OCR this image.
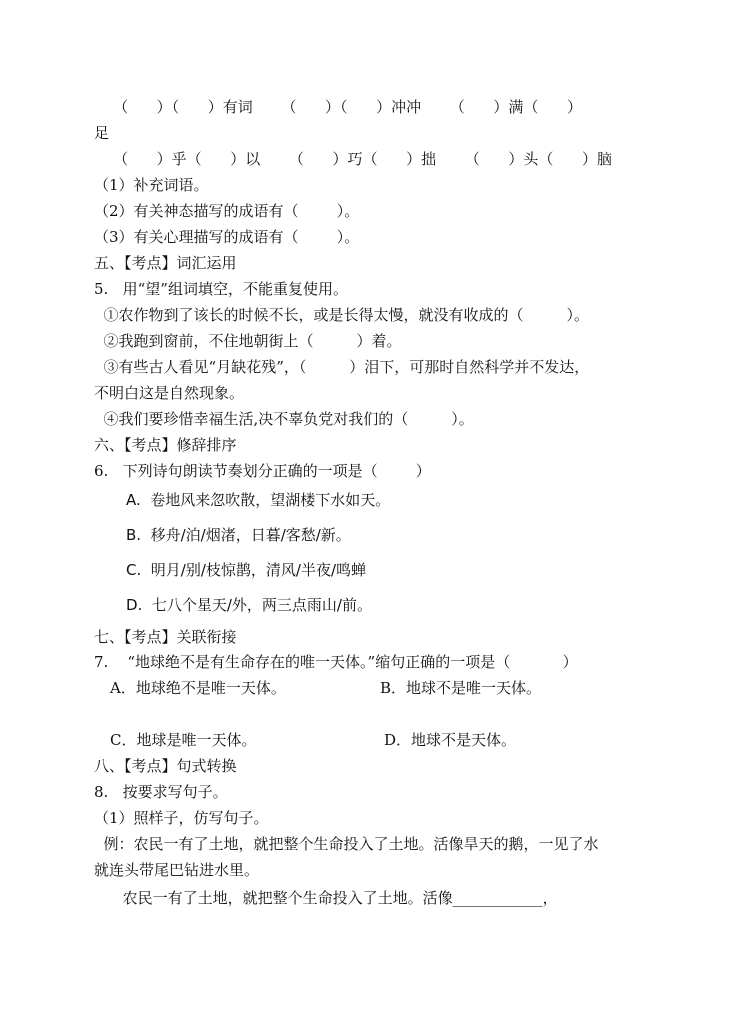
（      ）（      ）有词      （      ）（      ）冲冲      （      ）满（      ）
足
（      ）乎（      ）以      （      ）巧（      ）拙      （      ）头（      ）脑
（1）补充词语。
（2）有关神态描写的成语有（        ）。
（3）有关心理描写的成语有（        ）。
五、【考点】词汇运用
5.   用“望”组词填空，不能重复使用。
①农作物到了该长的时候不长，或是长得太慢，就没有收成的（         ）。
②我跑到窗前，不住地朝街上（         ）着。
③有些古人看见“月缺花残”，（         ）泪下，可那时自然科学并不发达，
不明白这是自然现象。
④我们要珍惜幸福生活,决不辜负党对我们的（         ）。
六、【考点】修辞排序
6.   下列诗句朗读节奏划分正确的一项是（        ）
A.  卷地风来忽吹散，望湖楼下水如天。
B.  移舟/泊/烟渚，日暮/客愁/新。
C.  明月/别/枝惊鹊，清风/半夜/鸣蝉
D.  七八个星天/外，两三点雨山/前。
七、【考点】关联衔接
7.    “地球绝不是有生命存在的唯一天体。”缩句正确的一项是（           ）
A．地球绝不是唯一天体。	B．地球不是唯一天体。
C．地球是唯一天体。	D．地球不是天体。
八、【考点】句式转换
8.   按要求写句子。
（1）照样子，仿写句子。
例：农民一有了土地，就把整个生命投入了土地。活像旱天的鹅，一见了水
就连头带尾巴钻进水里。
农民一有了土地，就把整个生命投入了土地。活像____________，
